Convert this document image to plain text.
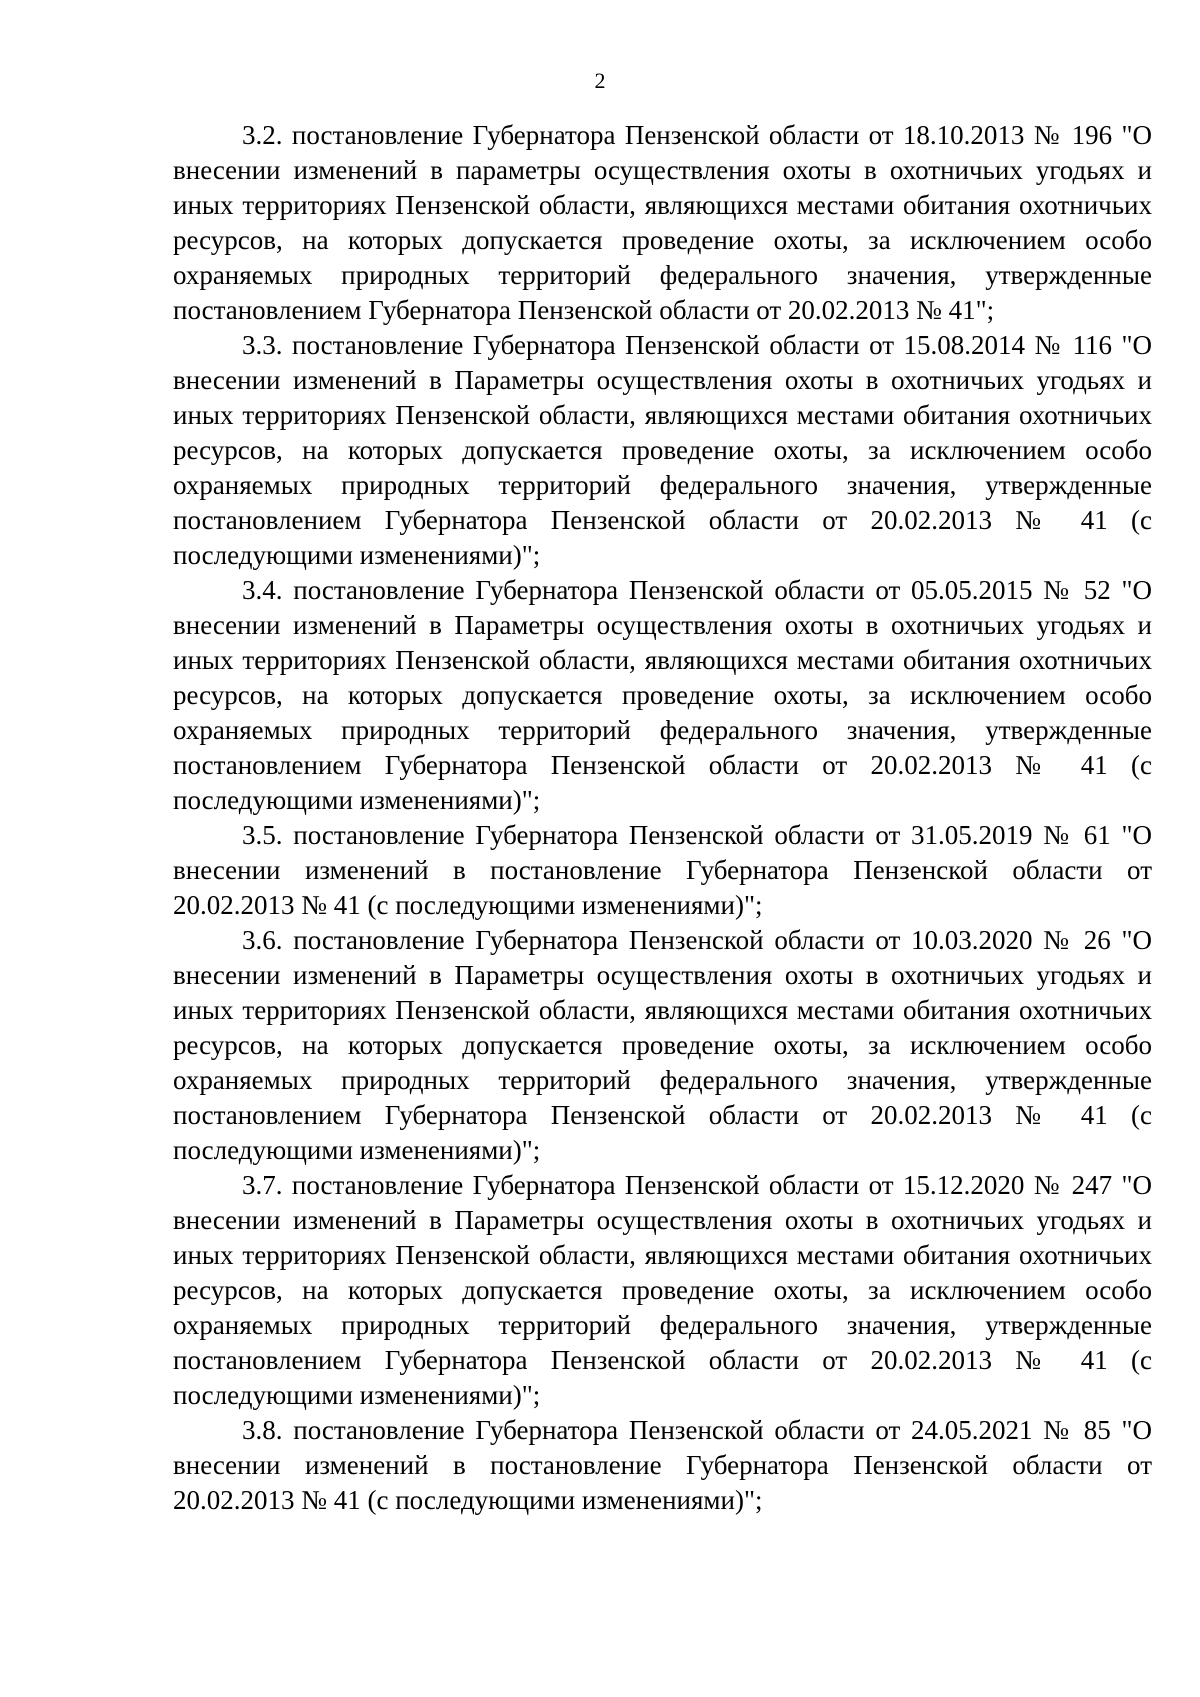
2

3.2. постановление Губернатора Пензенской области от 18.10.2013 № 196 "О внесении изменений в параметры осуществления охоты в охотничьих угодьях и иных территориях Пензенской области, являющихся местами обитания охотничьих ресурсов, на которых допускается проведение охоты, за исключением особо охраняемых природных территорий федерального значения, утвержденные постановлением Губернатора Пензенской области от 20.02.2013 № 41";

3.3. постановление Губернатора Пензенской области от 15.08.2014 № 116 "О внесении изменений в Параметры осуществления охоты в охотничьих угодьях и иных территориях Пензенской области, являющихся местами обитания охотничьих ресурсов, на которых допускается проведение охоты, за исключением особо охраняемых природных территорий федерального значения, утвержденные постановлением Губернатора Пензенской области от 20.02.2013 № 41 (с последующими изменениями)";

3.4. постановление Губернатора Пензенской области от 05.05.2015 № 52 "О внесении изменений в Параметры осуществления охоты в охотничьих угодьях и иных территориях Пензенской области, являющихся местами обитания охотничьих ресурсов, на которых допускается проведение охоты, за исключением особо охраняемых природных территорий федерального значения, утвержденные постановлением Губернатора Пензенской области от 20.02.2013 № 41 (с последующими изменениями)";

3.5. постановление Губернатора Пензенской области от 31.05.2019 № 61 "О внесении изменений в постановление Губернатора Пензенской области от 20.02.2013 № 41 (с последующими изменениями)";

3.6. постановление Губернатора Пензенской области от 10.03.2020 № 26 "О внесении изменений в Параметры осуществления охоты в охотничьих угодьях и иных территориях Пензенской области, являющихся местами обитания охотничьих ресурсов, на которых допускается проведение охоты, за исключением особо охраняемых природных территорий федерального значения, утвержденные постановлением Губернатора Пензенской области от 20.02.2013 № 41 (с последующими изменениями)";

3.7. постановление Губернатора Пензенской области от 15.12.2020 № 247 "О внесении изменений в Параметры осуществления охоты в охотничьих угодьях и иных территориях Пензенской области, являющихся местами обитания охотничьих ресурсов, на которых допускается проведение охоты, за исключением особо охраняемых природных территорий федерального значения, утвержденные постановлением Губернатора Пензенской области от 20.02.2013 № 41 (с последующими изменениями)";

3.8. постановление Губернатора Пензенской области от 24.05.2021 № 85 "О внесении изменений в постановление Губернатора Пензенской области от 20.02.2013 № 41 (с последующими изменениями)";
